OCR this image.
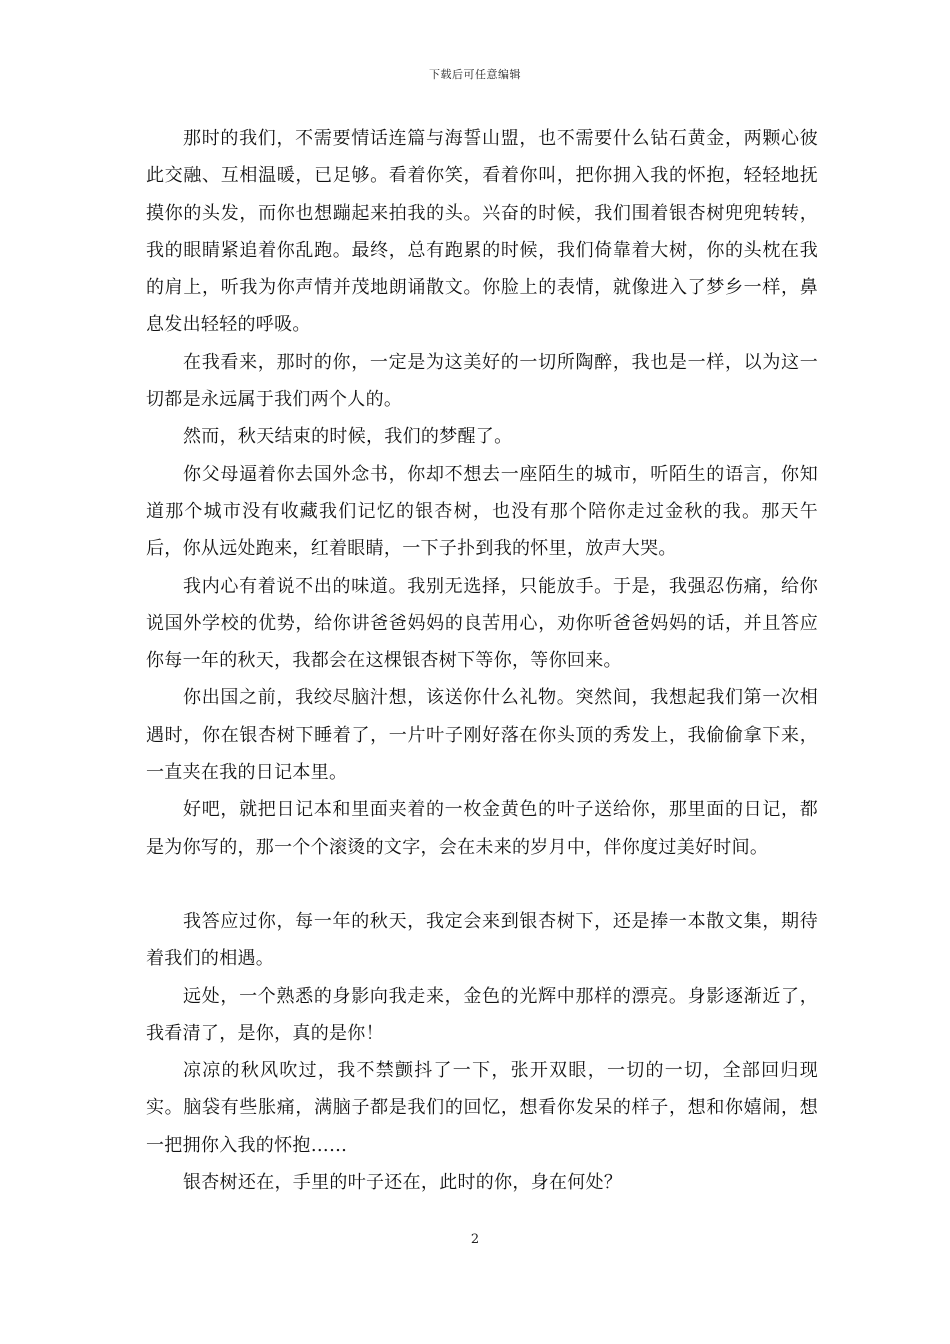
下载后可任意编辑

那时的我们，不需要情话连篇与海誓山盟，也不需要什么钻石黄金，两颗心彼此交融、互相温暖，已足够。看着你笑，看着你叫，把你拥入我的怀抱，轻轻地抚摸你的头发，而你也想蹦起来拍我的头。兴奋的时候，我们围着银杏树兜兜转转，我的眼睛紧追着你乱跑。最终，总有跑累的时候，我们倚靠着大树，你的头枕在我的肩上，听我为你声情并茂地朗诵散文。你脸上的表情，就像进入了梦乡一样，鼻息发出轻轻的呼吸。

在我看来，那时的你，一定是为这美好的一切所陶醉，我也是一样，以为这一切都是永远属于我们两个人的。

然而，秋天结束的时候，我们的梦醒了。

你父母逼着你去国外念书，你却不想去一座陌生的城市，听陌生的语言，你知道那个城市没有收藏我们记忆的银杏树，也没有那个陪你走过金秋的我。那天午后，你从远处跑来，红着眼睛，一下子扑到我的怀里，放声大哭。

我内心有着说不出的味道。我别无选择，只能放手。于是，我强忍伤痛，给你说国外学校的优势，给你讲爸爸妈妈的良苦用心，劝你听爸爸妈妈的话，并且答应你每一年的秋天，我都会在这棵银杏树下等你，等你回来。

你出国之前，我绞尽脑汁想，该送你什么礼物。突然间，我想起我们第一次相遇时，你在银杏树下睡着了，一片叶子刚好落在你头顶的秀发上，我偷偷拿下来，一直夹在我的日记本里。

好吧，就把日记本和里面夹着的一枚金黄色的叶子送给你，那里面的日记，都是为你写的，那一个个滚烫的文字，会在未来的岁月中，伴你度过美好时间。

我答应过你，每一年的秋天，我定会来到银杏树下，还是捧一本散文集，期待着我们的相遇。

远处，一个熟悉的身影向我走来，金色的光辉中那样的漂亮。身影逐渐近了，我看清了，是你，真的是你！

凉凉的秋风吹过，我不禁颤抖了一下，张开双眼，一切的一切，全部回归现实。脑袋有些胀痛，满脑子都是我们的回忆，想看你发呆的样子，想和你嬉闹，想一把拥你入我的怀抱……

银杏树还在，手里的叶子还在，此时的你，身在何处？

2
